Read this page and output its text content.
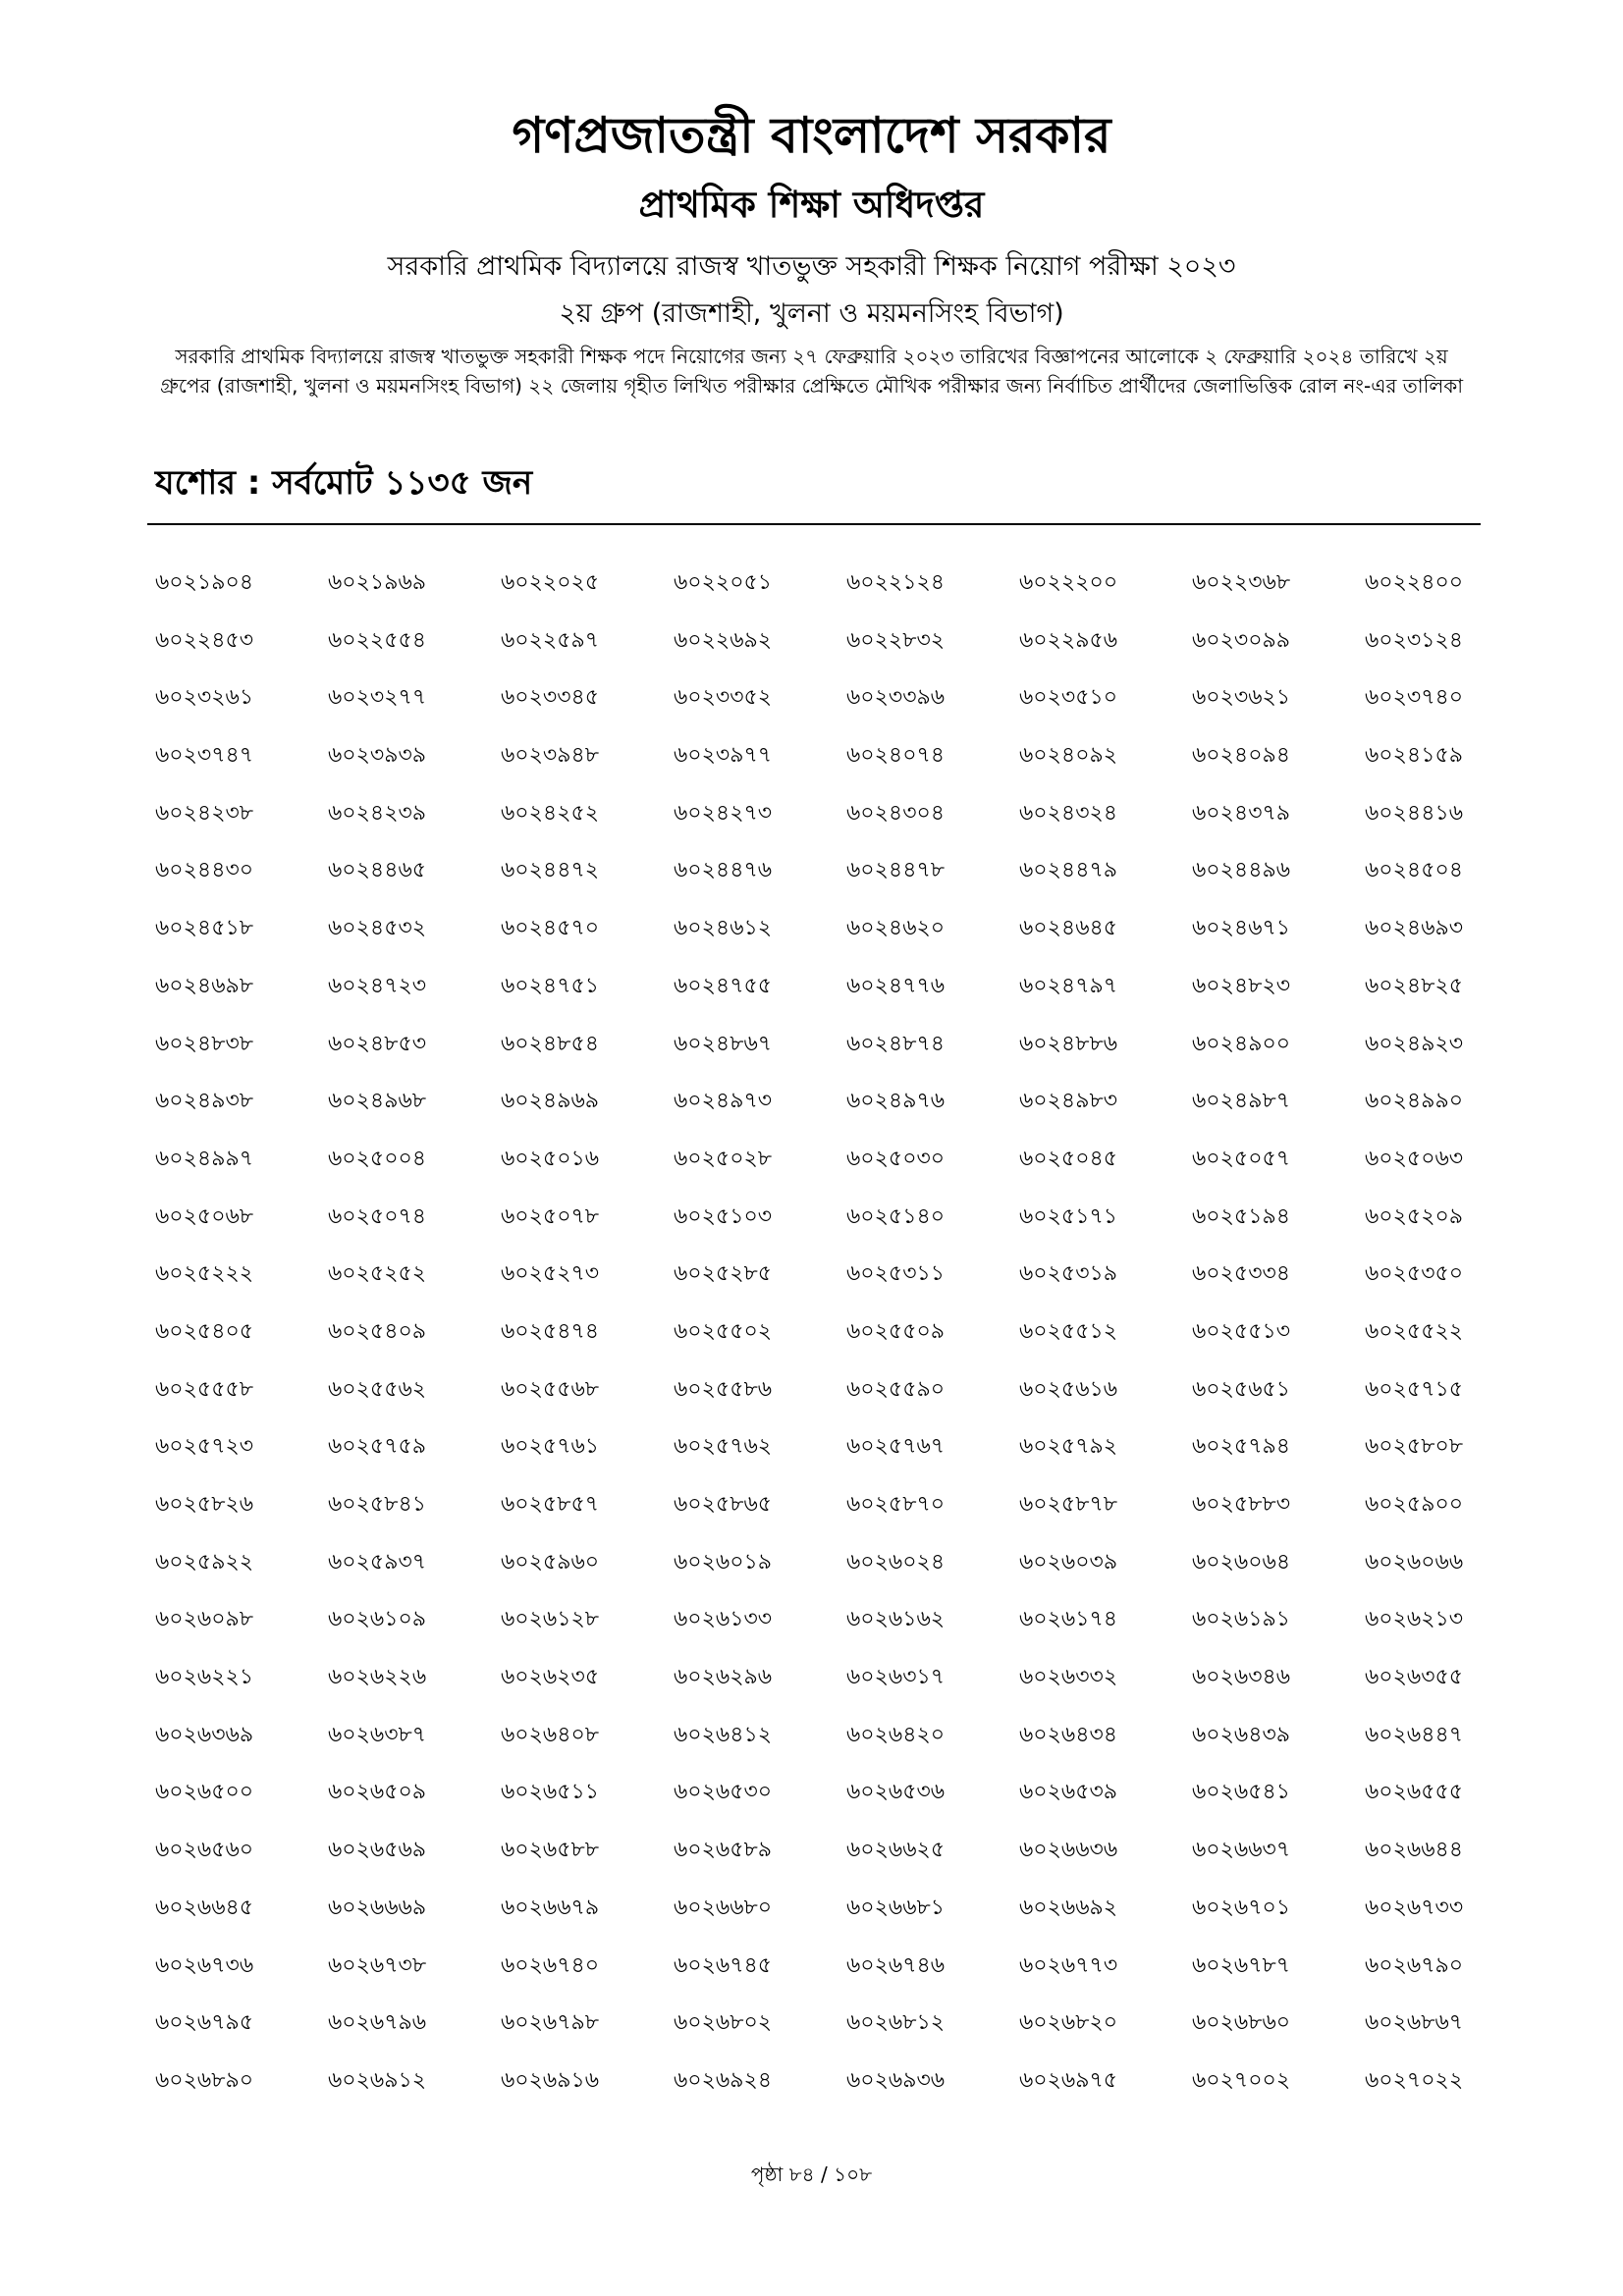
গণপ্রজাতন্ত্রী বাংলাদেশ সরকার
প্রাথমিক শিক্ষা অধিদপ্তর
সরকারি প্রাথমিক বিদ্যালয়ে রাজস্ব খাতভুক্ত সহকারী শিক্ষক নিয়োগ পরীক্ষা ২০২৩
২য় গ্রুপ (রাজশাহী, খুলনা ও ময়মনসিংহ বিভাগ)
সরকারি প্রাথমিক বিদ্যালয়ে রাজস্ব খাতভুক্ত সহকারী শিক্ষক পদে নিয়োগের জন্য ২৭ ফেব্রুয়ারি ২০২৩ তারিখের বিজ্ঞাপনের আলোকে ২ ফেব্রুয়ারি ২০২৪ তারিখে ২য় গ্রুপের (রাজশাহী, খুলনা ও ময়মনসিংহ বিভাগ) ২২ জেলায় গৃহীত লিখিত পরীক্ষার প্রেক্ষিতে মৌখিক পরীক্ষার জন্য নির্বাচিত প্রার্থীদের জেলাভিত্তিক রোল নং-এর তালিকা
যশোর : সর্বমোট ১১৩৫ জন
৬০২১৯০৪	৬০২১৯৬৯	৬০২২০২৫	৬০২২০৫১	৬০২২১২৪	৬০২২২০০	৬০২২৩৬৮	৬০২২৪০০
৬০২২৪৫৩	৬০২২৫৫৪	৬০২২৫৯৭	৬০২২৬৯২	৬০২২৮৩২	৬০২২৯৫৬	৬০২৩০৯৯	৬০২৩১২৪
৬০২৩২৬১	৬০২৩২৭৭	৬০২৩৩৪৫	৬০২৩৩৫২	৬০২৩৩৯৬	৬০২৩৫১০	৬০২৩৬২১	৬০২৩৭৪০
৬০২৩৭৪৭	৬০২৩৯৩৯	৬০২৩৯৪৮	৬০২৩৯৭৭	৬০২৪০৭৪	৬০২৪০৯২	৬০২৪০৯৪	৬০২৪১৫৯
৬০২৪২৩৮	৬০২৪২৩৯	৬০২৪২৫২	৬০২৪২৭৩	৬০২৪৩০৪	৬০২৪৩২৪	৬০২৪৩৭৯	৬০২৪৪১৬
৬০২৪৪৩০	৬০২৪৪৬৫	৬০২৪৪৭২	৬০২৪৪৭৬	৬০২৪৪৭৮	৬০২৪৪৭৯	৬০২৪৪৯৬	৬০২৪৫০৪
৬০২৪৫১৮	৬০২৪৫৩২	৬০২৪৫৭০	৬০২৪৬১২	৬০২৪৬২০	৬০২৪৬৪৫	৬০২৪৬৭১	৬০২৪৬৯৩
৬০২৪৬৯৮	৬০২৪৭২৩	৬০২৪৭৫১	৬০২৪৭৫৫	৬০২৪৭৭৬	৬০২৪৭৯৭	৬০২৪৮২৩	৬০২৪৮২৫
৬০২৪৮৩৮	৬০২৪৮৫৩	৬০২৪৮৫৪	৬০২৪৮৬৭	৬০২৪৮৭৪	৬০২৪৮৮৬	৬০২৪৯০০	৬০২৪৯২৩
৬০২৪৯৩৮	৬০২৪৯৬৮	৬০২৪৯৬৯	৬০২৪৯৭৩	৬০২৪৯৭৬	৬০২৪৯৮৩	৬০২৪৯৮৭	৬০২৪৯৯০
৬০২৪৯৯৭	৬০২৫০০৪	৬০২৫০১৬	৬০২৫০২৮	৬০২৫০৩০	৬০২৫০৪৫	৬০২৫০৫৭	৬০২৫০৬৩
৬০২৫০৬৮	৬০২৫০৭৪	৬০২৫০৭৮	৬০২৫১০৩	৬০২৫১৪০	৬০২৫১৭১	৬০২৫১৯৪	৬০২৫২০৯
৬০২৫২২২	৬০২৫২৫২	৬০২৫২৭৩	৬০২৫২৮৫	৬০২৫৩১১	৬০২৫৩১৯	৬০২৫৩৩৪	৬০২৫৩৫০
৬০২৫৪০৫	৬০২৫৪০৯	৬০২৫৪৭৪	৬০২৫৫০২	৬০২৫৫০৯	৬০২৫৫১২	৬০২৫৫১৩	৬০২৫৫২২
৬০২৫৫৫৮	৬০২৫৫৬২	৬০২৫৫৬৮	৬০২৫৫৮৬	৬০২৫৫৯০	৬০২৫৬১৬	৬০২৫৬৫১	৬০২৫৭১৫
৬০২৫৭২৩	৬০২৫৭৫৯	৬০২৫৭৬১	৬০২৫৭৬২	৬০২৫৭৬৭	৬০২৫৭৯২	৬০২৫৭৯৪	৬০২৫৮০৮
৬০২৫৮২৬	৬০২৫৮৪১	৬০২৫৮৫৭	৬০২৫৮৬৫	৬০২৫৮৭০	৬০২৫৮৭৮	৬০২৫৮৮৩	৬০২৫৯০০
৬০২৫৯২২	৬০২৫৯৩৭	৬০২৫৯৬০	৬০২৬০১৯	৬০২৬০২৪	৬০২৬০৩৯	৬০২৬০৬৪	৬০২৬০৬৬
৬০২৬০৯৮	৬০২৬১০৯	৬০২৬১২৮	৬০২৬১৩৩	৬০২৬১৬২	৬০২৬১৭৪	৬০২৬১৯১	৬০২৬২১৩
৬০২৬২২১	৬০২৬২২৬	৬০২৬২৩৫	৬০২৬২৯৬	৬০২৬৩১৭	৬০২৬৩৩২	৬০২৬৩৪৬	৬০২৬৩৫৫
৬০২৬৩৬৯	৬০২৬৩৮৭	৬০২৬৪০৮	৬০২৬৪১২	৬০২৬৪২০	৬০২৬৪৩৪	৬০২৬৪৩৯	৬০২৬৪৪৭
৬০২৬৫০০	৬০২৬৫০৯	৬০২৬৫১১	৬০২৬৫৩০	৬০২৬৫৩৬	৬০২৬৫৩৯	৬০২৬৫৪১	৬০২৬৫৫৫
৬০২৬৫৬০	৬০২৬৫৬৯	৬০২৬৫৮৮	৬০২৬৫৮৯	৬০২৬৬২৫	৬০২৬৬৩৬	৬০২৬৬৩৭	৬০২৬৬৪৪
৬০২৬৬৪৫	৬০২৬৬৬৯	৬০২৬৬৭৯	৬০২৬৬৮০	৬০২৬৬৮১	৬০২৬৬৯২	৬০২৬৭০১	৬০২৬৭৩৩
৬০২৬৭৩৬	৬০২৬৭৩৮	৬০২৬৭৪০	৬০২৬৭৪৫	৬০২৬৭৪৬	৬০২৬৭৭৩	৬০২৬৭৮৭	৬০২৬৭৯০
৬০২৬৭৯৫	৬০২৬৭৯৬	৬০২৬৭৯৮	৬০২৬৮০২	৬০২৬৮১২	৬০২৬৮২০	৬০২৬৮৬০	৬০২৬৮৬৭
৬০২৬৮৯০	৬০২৬৯১২	৬০২৬৯১৬	৬০২৬৯২৪	৬০২৬৯৩৬	৬০২৬৯৭৫	৬০২৭০০২	৬০২৭০২২
পৃষ্ঠা ৮৪ / ১০৮
